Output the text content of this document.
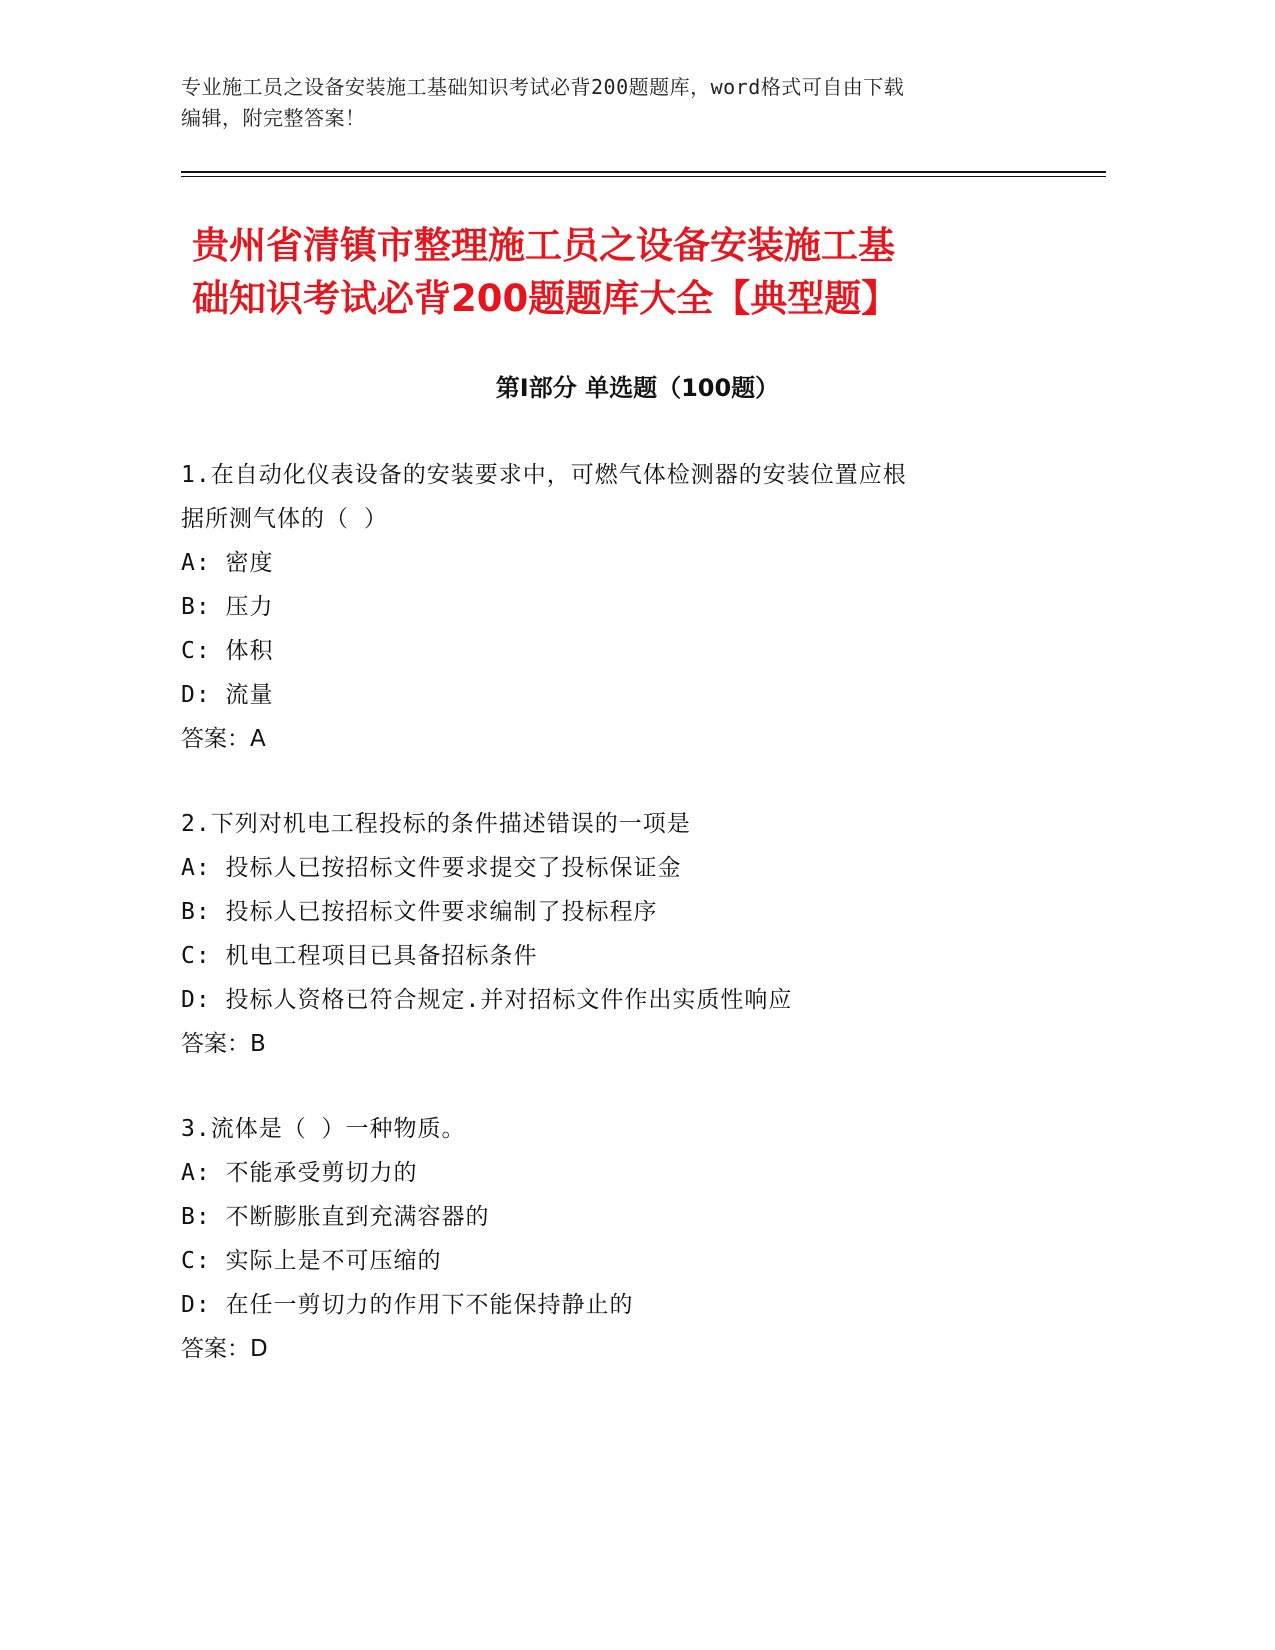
专业施工员之设备安装施工基础知识考试必背200题题库，word格式可自由下载
编辑，附完整答案！
贵州省清镇市整理施工员之设备安装施工基
础知识考试必背200题题库大全【典型题】
第I部分 单选题（100题）

1.在自动化仪表设备的安装要求中，可燃气体检测器的安装位置应根

据所测气体的（ ）

A: 密度

B: 压力

C: 体积

D: 流量

答案：A

2.下列对机电工程投标的条件描述错误的一项是

A: 投标人已按招标文件要求提交了投标保证金

B: 投标人已按招标文件要求编制了投标程序

C: 机电工程项目已具备招标条件

D: 投标人资格已符合规定.并对招标文件作出实质性响应

答案：B

3.流体是（ ）一种物质。

A: 不能承受剪切力的

B: 不断膨胀直到充满容器的

C: 实际上是不可压缩的

D: 在任一剪切力的作用下不能保持静止的

答案：D
